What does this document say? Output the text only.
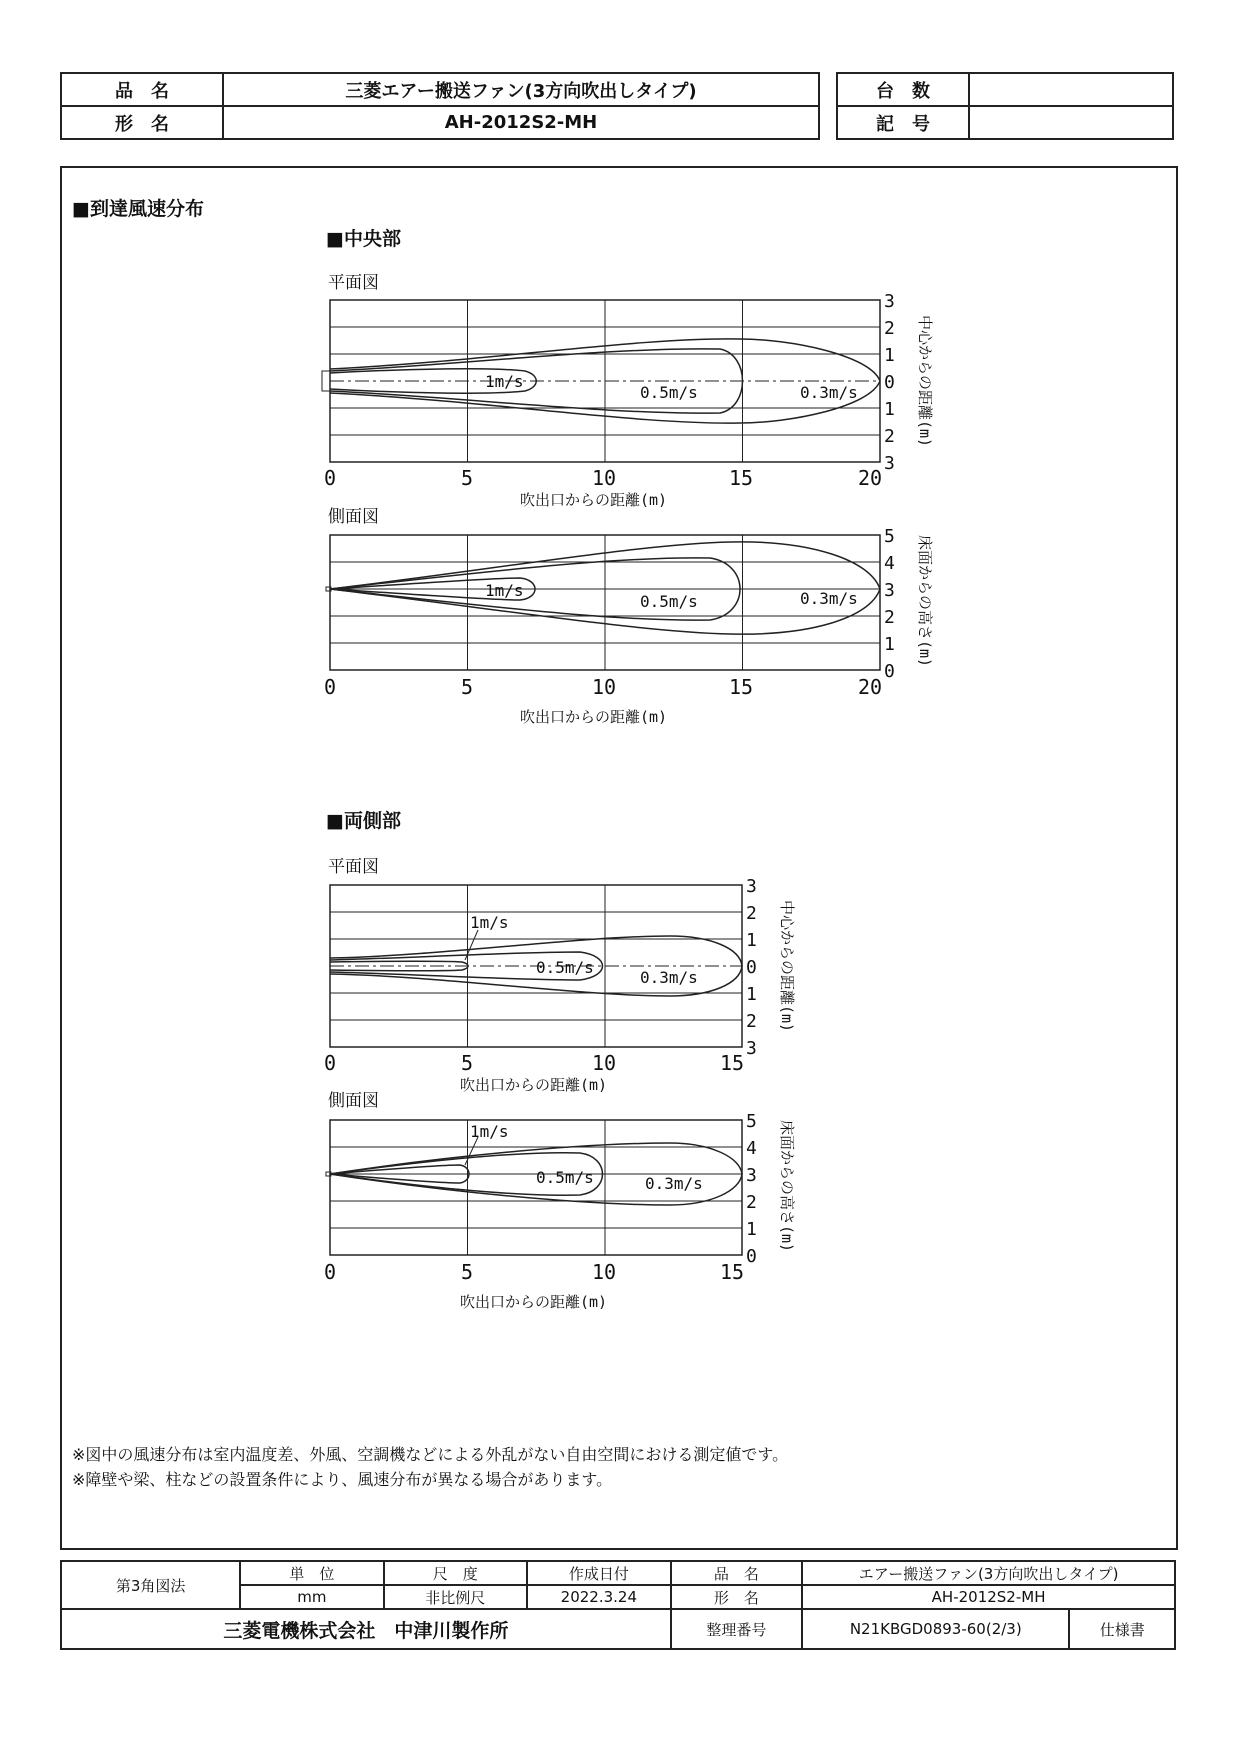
品　名	三菱エアー搬送ファン(3方向吹出しタイプ)
形　名	AH-2012S2-MH
台　数	
記　号	
■到達風速分布
■中央部
平面図
側面図
■両側部
平面図
側面図
1m/s
0.5m/s	0.3m/s
0	5	10	15	20
3
2
1
0
1
2
3
中心からの距離(m)
吹出口からの距離(m)
1m/s
0.5m/s	0.3m/s
0	5	10	15	20
5
4
3
2
1
0
床面からの高さ(m)
吹出口からの距離(m)
1m/s
0.5m/s
0.3m/s
0	5	10	15
3
2
1
0
1
2
3
中心からの距離(m)
吹出口からの距離(m)
1m/s
0.5m/s	0.3m/s
0	5	10	15
5
4
3
2
1
0
床面からの高さ(m)
吹出口からの距離(m)
※図中の風速分布は室内温度差、外風、空調機などによる外乱がない自由空間における測定値です。
※障壁や梁、柱などの設置条件により、風速分布が異なる場合があります。
第3角図法	単　位	尺　度	作成日付	品　名	エアー搬送ファン(3方向吹出しタイプ)	
	mm	非比例尺	2022.3.24	形　名	AH-2012S2-MH	
三菱電機株式会社　中津川製作所				整理番号	N21KBGD0893-60(2/3)	仕様書
